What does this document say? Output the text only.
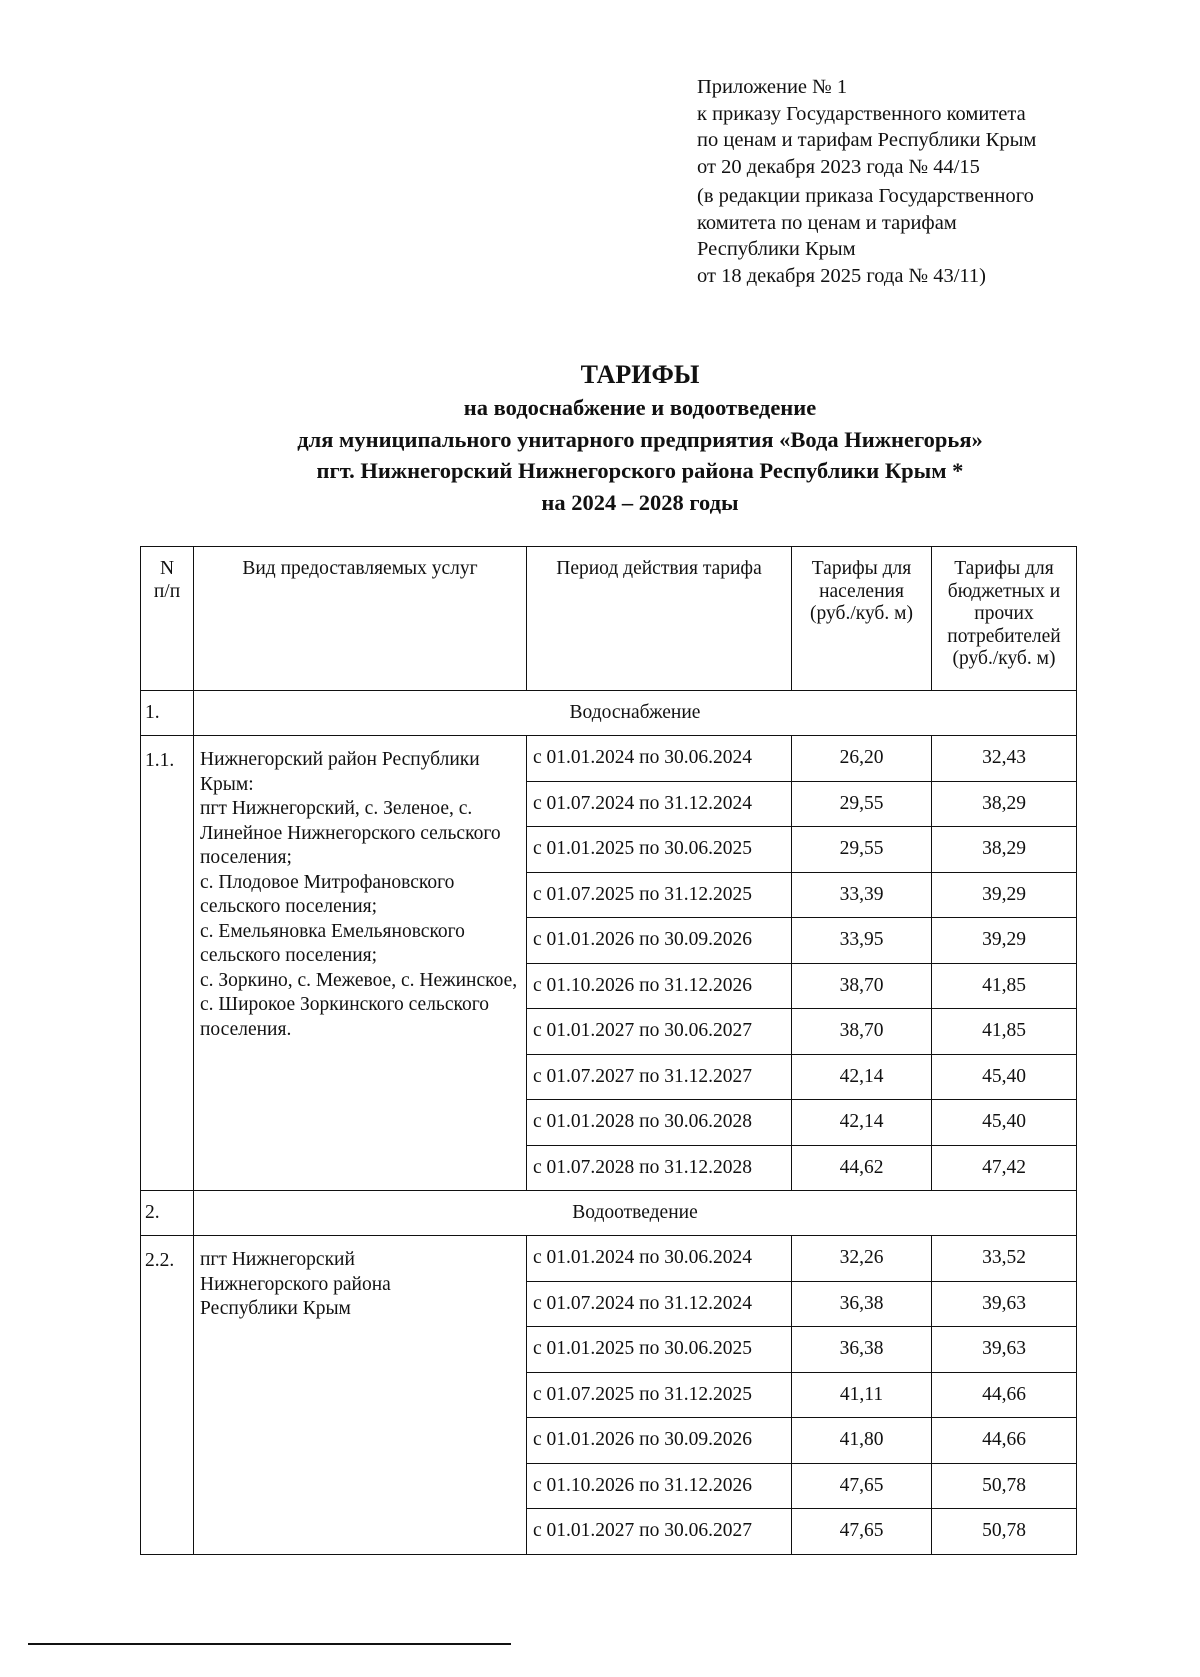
Приложение № 1
к приказу Государственного комитета
по ценам и тарифам Республики Крым
от 20 декабря 2023 года № 44/15
(в редакции приказа Государственного
комитета по ценам и тарифам
Республики Крым
от 18 декабря 2025 года № 43/11)
ТАРИФЫ
на водоснабжение и водоотведение
для муниципального унитарного предприятия «Вода Нижнегорья»
пгт. Нижнегорский Нижнегорского района Республики Крым *
на 2024 – 2028 годы
N
п/п	Вид предоставляемых услуг	Период действия тарифа	Тарифы для
населения
(руб./куб. м)	Тарифы для
бюджетных и
прочих
потребителей
(руб./куб. м)
1.	Водоснабжение			
1.1.	Нижнегорский район Республики Крым:
пгт Нижнегорский, с. Зеленое, с. Линейное Нижнегорского сельского поселения;
с. Плодовое Митрофановского сельского поселения;
с. Емельяновка Емельяновского сельского поселения;
с. Зоркино, с. Межевое, с. Нежинское, с. Широкое Зоркинского сельского поселения.	с 01.01.2024 по 30.06.2024	26,20	32,43
		с 01.07.2024 по 31.12.2024	29,55	38,29
		с 01.01.2025 по 30.06.2025	29,55	38,29
		с 01.07.2025 по 31.12.2025	33,39	39,29
		с 01.01.2026 по 30.09.2026	33,95	39,29
		с 01.10.2026 по 31.12.2026	38,70	41,85
		с 01.01.2027 по 30.06.2027	38,70	41,85
		с 01.07.2027 по 31.12.2027	42,14	45,40
		с 01.01.2028 по 30.06.2028	42,14	45,40
		с 01.07.2028 по 31.12.2028	44,62	47,42
2.	Водоотведение			
2.2.	пгт Нижнегорский
Нижнегорского района
Республики Крым	с 01.01.2024 по 30.06.2024	32,26	33,52
		с 01.07.2024 по 31.12.2024	36,38	39,63
		с 01.01.2025 по 30.06.2025	36,38	39,63
		с 01.07.2025 по 31.12.2025	41,11	44,66
		с 01.01.2026 по 30.09.2026	41,80	44,66
		с 01.10.2026 по 31.12.2026	47,65	50,78
		с 01.01.2027 по 30.06.2027	47,65	50,78
